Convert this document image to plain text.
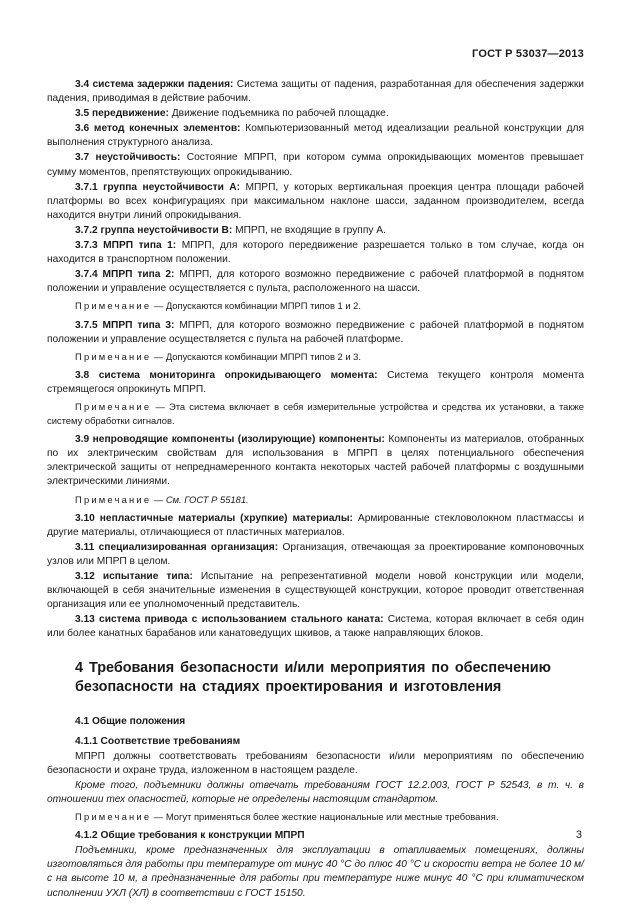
ГОСТ Р 53037—2013

3.4 система задержки падения: Система защиты от падения, разработанная для обеспечения задержки падения, приводимая в действие рабочим.

3.5 передвижение: Движение подъемника по рабочей площадке.

3.6 метод конечных элементов: Компьютеризованный метод идеализации реальной конструкции для выполнения структурного анализа.

3.7 неустойчивость: Состояние МПРП, при котором сумма опрокидывающих моментов превышает сумму моментов, препятствующих опрокидыванию.

3.7.1 группа неустойчивости А: МПРП, у которых вертикальная проекция центра площади рабочей платформы во всех конфигурациях при максимальном наклоне шасси, заданном производителем, всегда находится внутри линий опрокидывания.

3.7.2 группа неустойчивости В: МПРП, не входящие в группу А.

3.7.3 МПРП типа 1: МПРП, для которого передвижение разрешается только в том случае, когда он находится в транспортном положении.

3.7.4 МПРП типа 2: МПРП, для которого возможно передвижение с рабочей платформой в поднятом положении и управление осуществляется с пульта, расположенного на шасси.

Примечание — Допускаются комбинации МПРП типов 1 и 2.

3.7.5 МПРП типа 3: МПРП, для которого возможно передвижение с рабочей платформой в поднятом положении и управление осуществляется с пульта на рабочей платформе.

Примечание — Допускаются комбинации МПРП типов 2 и 3.

3.8 система мониторинга опрокидывающего момента: Система текущего контроля момента стремящегося опрокинуть МПРП.

Примечание — Эта система включает в себя измерительные устройства и средства их установки, а также систему обработки сигналов.

3.9 непроводящие компоненты (изолирующие) компоненты: Компоненты из материалов, отобранных по их электрическим свойствам для использования в МПРП в целях потенциального обеспечения электрической защиты от непреднамеренного контакта некоторых частей рабочей платформы с воздушными электрическими линиями.

Примечание — См. ГОСТ Р 55181.

3.10 непластичные материалы (хрупкие) материалы: Армированные стекловолокном пластмассы и другие материалы, отличающиеся от пластичных материалов.

3.11 специализированная организация: Организация, отвечающая за проектирование компоновочных узлов или МПРП в целом.

3.12 испытание типа: Испытание на репрезентативной модели новой конструкции или модели, включающей в себя значительные изменения в существующей конструкции, которое проводит ответственная организация или ее уполномоченный представитель.

3.13 система привода с использованием стального каната: Система, которая включает в себя один или более канатных барабанов или канатоведущих шкивов, а также направляющих блоков.

4 Требования безопасности и/или мероприятия по обеспечению безопасности на стадиях проектирования и изготовления

4.1 Общие положения

4.1.1 Соответствие требованиям

МПРП должны соответствовать требованиям безопасности и/или мероприятиям по обеспечению безопасности и охране труда, изложенном в настоящем разделе.

Кроме того, подъемники должны отвечать требованиям ГОСТ 12.2.003, ГОСТ Р 52543, в т. ч. в отношении тех опасностей, которые не определены настоящим стандартом.

Примечание — Могут применяться более жесткие национальные или местные требования.

4.1.2 Общие требования к конструкции МПРП

Подъемники, кроме предназначенных для эксплуатации в отапливаемых помещениях, должны изготовляться для работы при температуре от минус 40 °С до плюс 40 °С и скорости ветра не более 10 м/с на высоте 10 м, а предназначенные для работы при температуре ниже минус 40 °С при климатическом исполнении УХЛ (ХЛ) в соответствии с ГОСТ 15150.

3
